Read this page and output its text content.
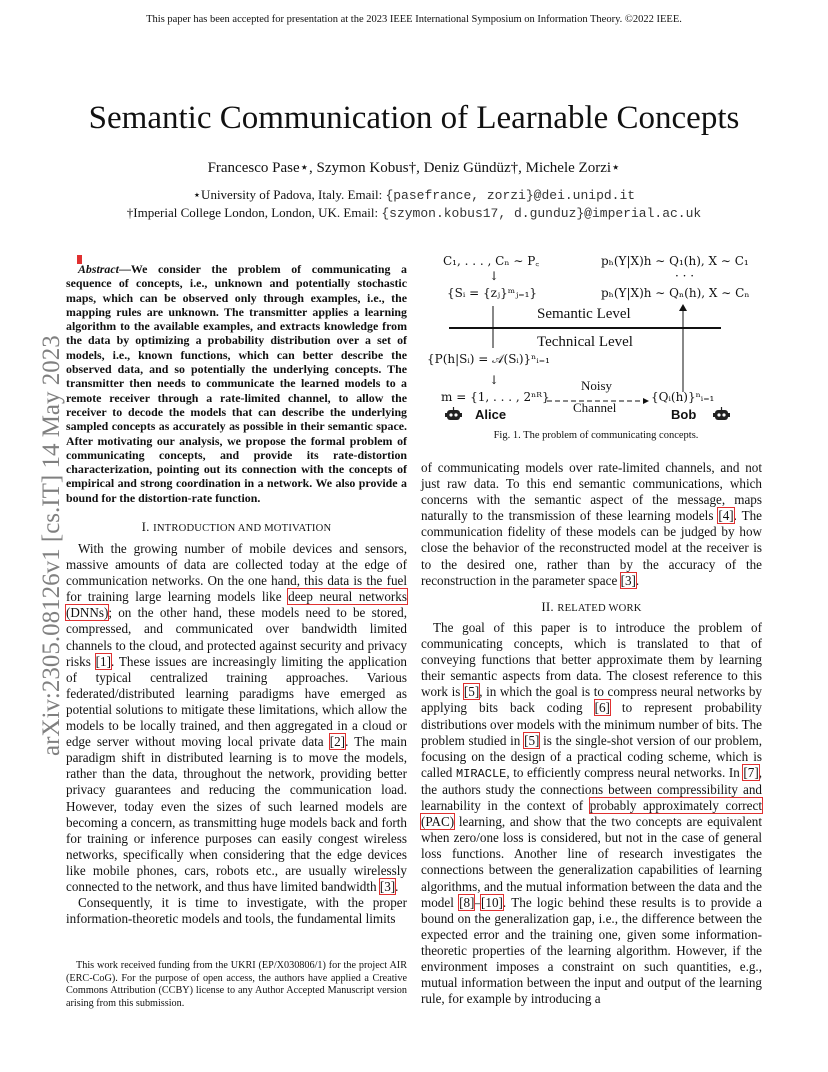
This paper has been accepted for presentation at the 2023 IEEE International Symposium on Information Theory. ©2022 IEEE.
Semantic Communication of Learnable Concepts
Francesco Pase⋆, Szymon Kobus†, Deniz Gündüz†, Michele Zorzi⋆
⋆University of Padova, Italy. Email: {pasefrance, zorzi}@dei.unipd.it
†Imperial College London, London, UK. Email: {szymon.kobus17, d.gunduz}@imperial.ac.uk
arXiv:2305.08126v1 [cs.IT] 14 May 2023
Abstract—We consider the problem of communicating a sequence of concepts, i.e., unknown and potentially stochastic maps, which can be observed only through examples, i.e., the mapping rules are unknown. The transmitter applies a learning algorithm to the available examples, and extracts knowledge from the data by optimizing a probability distribution over a set of models, i.e., known functions, which can better describe the observed data, and so potentially the underlying concepts. The transmitter then needs to communicate the learned models to a remote receiver through a rate-limited channel, to allow the receiver to decode the models that can describe the underlying sampled concepts as accurately as possible in their semantic space. After motivating our analysis, we propose the formal problem of communicating concepts, and provide its rate-distortion characterization, pointing out its connection with the concepts of empirical and strong coordination in a network. We also provide a bound for the distortion-rate function.
I. INTRODUCTION AND MOTIVATION

With the growing number of mobile devices and sensors, massive amounts of data are collected today at the edge of communication networks. On the one hand, this data is the fuel for training large learning models like deep neural networks (DNNs); on the other hand, these models need to be stored, compressed, and communicated over bandwidth limited channels to the cloud, and protected against security and privacy risks [1]. These issues are increasingly limiting the application of typical centralized training approaches. Various federated/distributed learning paradigms have emerged as potential solutions to mitigate these limitations, which allow the models to be locally trained, and then aggregated in a cloud or edge server without moving local private data [2]. The main paradigm shift in distributed learning is to move the models, rather than the data, throughout the network, providing better privacy guarantees and reducing the communication load. However, today even the sizes of such learned models are becoming a concern, as transmitting huge models back and forth for training or inference purposes can easily congest wireless networks, specifically when considering that the edge devices like mobile phones, cars, robots etc., are usually wirelessly connected to the network, and thus have limited bandwidth [3].

Consequently, it is time to investigate, with the proper information-theoretic models and tools, the fundamental limits

This work received funding from the UKRI (EP/X030806/1) for the project AIR (ERC-CoG). For the purpose of open access, the authors have applied a Creative Commons Attribution (CCBY) license to any Author Accepted Manuscript version arising from this submission.

C₁, . . . , Cₙ ∼ P꜀
↓
{Sᵢ = {zⱼ}ᵐⱼ₌₁}
pₕ(Y|X)h ∼ Q₁(h), X ∼ C₁
· · ·
pₕ(Y|X)h ∼ Qₙ(h), X ∼ Cₙ
Semantic Level
Technical Level
{P(h|Sᵢ) = 𝒜(Sᵢ)}ⁿᵢ₌₁
↓
m = {1, . . . , 2ⁿᴿ}
Noisy
Channel
{Qᵢ(h)}ⁿᵢ₌₁
Alice	Bob
Fig. 1. The problem of communicating concepts.

of communicating models over rate-limited channels, and not just raw data. To this end semantic communications, which concerns with the semantic aspect of the message, maps naturally to the transmission of these learning models [4]. The communication fidelity of these models can be judged by how close the behavior of the reconstructed model at the receiver is to the desired one, rather than by the accuracy of the reconstruction in the parameter space [3].

II. RELATED WORK

The goal of this paper is to introduce the problem of communicating concepts, which is translated to that of conveying functions that better approximate them by learning their semantic aspects from data. The closest reference to this work is [5], in which the goal is to compress neural networks by applying bits back coding [6] to represent probability distributions over models with the minimum number of bits. The problem studied in [5] is the single-shot version of our problem, focusing on the design of a practical coding scheme, which is called MIRACLE, to efficiently compress neural networks. In [7], the authors study the connections between compressibility and learnability in the context of probably approximately correct (PAC) learning, and show that the two concepts are equivalent when zero/one loss is considered, but not in the case of general loss functions. Another line of research investigates the connections between the generalization capabilities of learning algorithms, and the mutual information between the data and the model [8]–[10]. The logic behind these results is to provide a bound on the generalization gap, i.e., the difference between the expected error and the training one, given some information-theoretic properties of the learning algorithm. However, if the environment imposes a constraint on such quantities, e.g., mutual information between the input and output of the learning rule, for example by introducing a
